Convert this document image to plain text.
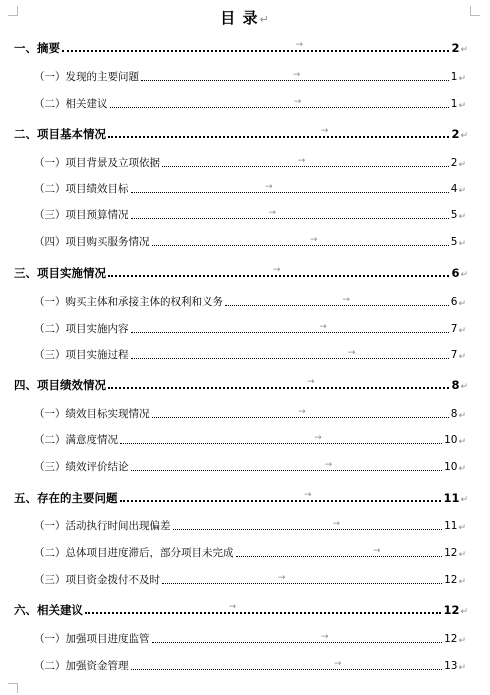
目 录↵
一、摘要	→	2 ↵
（一）发现的主要问题	→	1 ↵
（二）相关建议	→	1 ↵
二、项目基本情况	→	2 ↵
（一）项目背景及立项依据	→	2 ↵
（二）项目绩效目标	→	4 ↵
（三）项目预算情况	→	5 ↵
（四）项目购买服务情况	→	5 ↵
三、项目实施情况	→	6 ↵
（一）购买主体和承接主体的权利和义务	→	6 ↵
（二）项目实施内容	→	7 ↵
（三）项目实施过程	→	7 ↵
四、项目绩效情况	→	8 ↵
（一）绩效目标实现情况	→	8 ↵
（二）满意度情况	→	10 ↵
（三）绩效评价结论	→	10 ↵
五、存在的主要问题	→	11 ↵
（一）活动执行时间出现偏差	→	11 ↵
（二）总体项目进度滞后，部分项目未完成	→	12 ↵
（三）项目资金拨付不及时	→	12 ↵
六、相关建议	→	12 ↵
（一）加强项目进度监管	→	12 ↵
（二）加强资金管理	→	13 ↵
